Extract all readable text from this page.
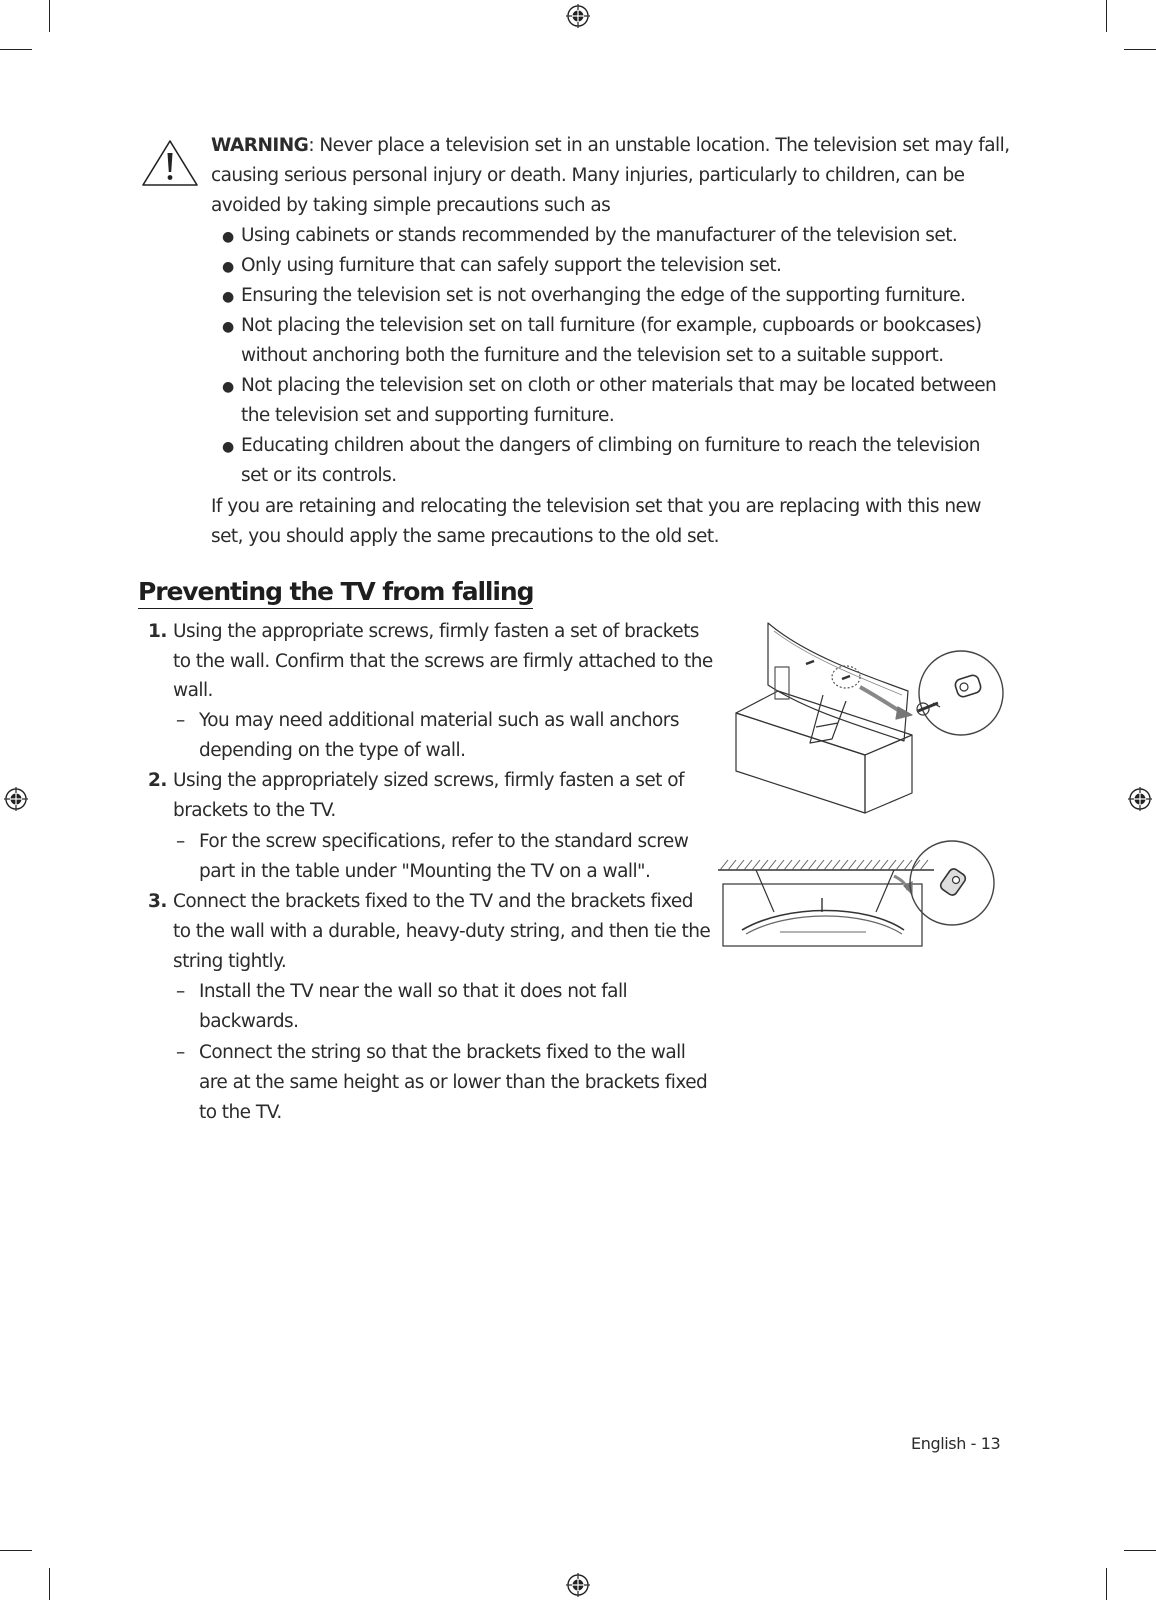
WARNING: Never place a television set in an unstable location. The television set may fall,
causing serious personal injury or death. Many injuries, particularly to children, can be
avoided by taking simple precautions such as
● Using cabinets or stands recommended by the manufacturer of the television set.
● Only using furniture that can safely support the television set.
● Ensuring the television set is not overhanging the edge of the supporting furniture.
● Not placing the television set on tall furniture (for example, cupboards or bookcases)
without anchoring both the furniture and the television set to a suitable support.
● Not placing the television set on cloth or other materials that may be located between
the television set and supporting furniture.
● Educating children about the dangers of climbing on furniture to reach the television
set or its controls.
If you are retaining and relocating the television set that you are replacing with this new
set, you should apply the same precautions to the old set.
Preventing the TV from falling
1. Using the appropriate screws, firmly fasten a set of brackets
to the wall. Confirm that the screws are firmly attached to the
wall.
– You may need additional material such as wall anchors
depending on the type of wall.
2. Using the appropriately sized screws, firmly fasten a set of
brackets to the TV.
– For the screw specifications, refer to the standard screw
part in the table under "Mounting the TV on a wall".
3. Connect the brackets fixed to the TV and the brackets fixed
to the wall with a durable, heavy-duty string, and then tie the
string tightly.
– Install the TV near the wall so that it does not fall
backwards.
– Connect the string so that the brackets fixed to the wall
are at the same height as or lower than the brackets fixed
to the TV.
English - 13
